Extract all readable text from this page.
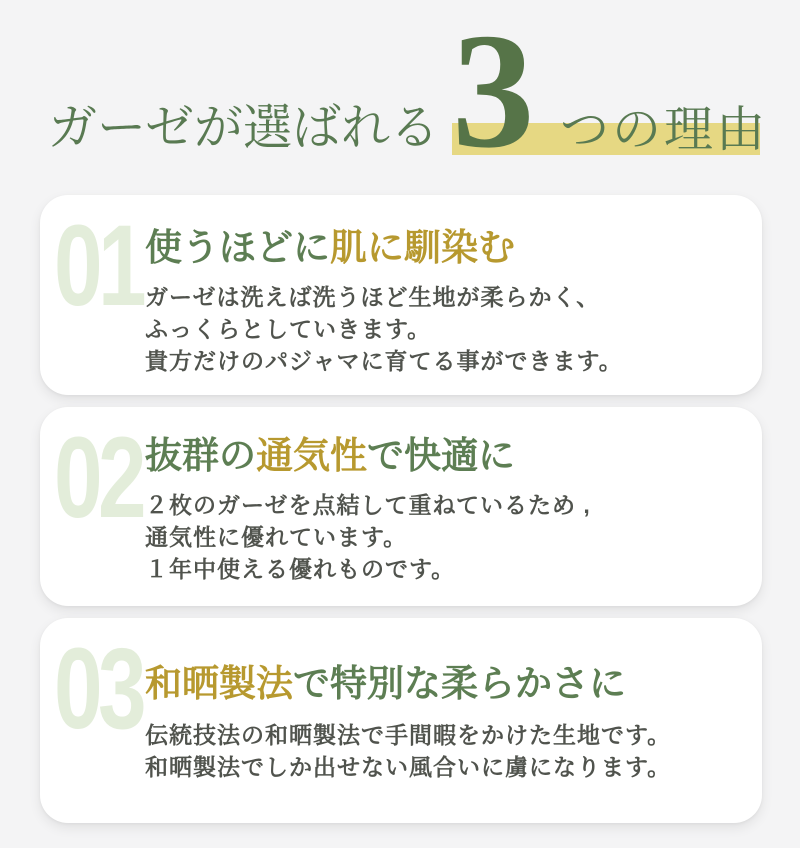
ガーゼが選ばれる 3 つの理由
01 使うほどに肌に馴染む

ガーゼは洗えば洗うほど生地が柔らかく、
ふっくらとしていきます。
貴方だけのパジャマに育てる事ができます。

02 抜群の通気性で快適に

２枚のガーゼを点結して重ねているため ,
通気性に優れています。
１年中使える優れものです。

03 和晒製法で特別な柔らかさに

伝統技法の和晒製法で手間暇をかけた生地です。
和晒製法でしか出せない風合いに虜になります。
